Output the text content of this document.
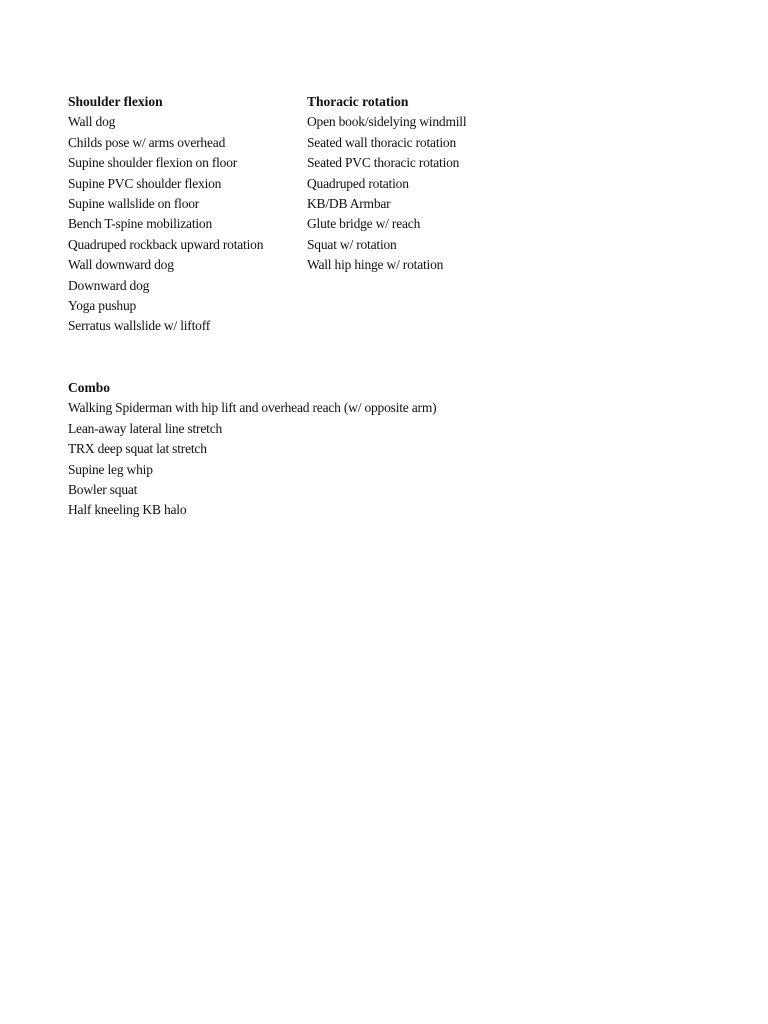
Shoulder flexion
Wall dog
Childs pose w/ arms overhead
Supine shoulder flexion on floor
Supine PVC shoulder flexion
Supine wallslide on floor
Bench T-spine mobilization
Quadruped rockback upward rotation
Wall downward dog
Downward dog
Yoga pushup
Serratus wallslide w/ liftoff
Thoracic rotation
Open book/sidelying windmill
Seated wall thoracic rotation
Seated PVC thoracic rotation
Quadruped rotation
KB/DB Armbar
Glute bridge w/ reach
Squat w/ rotation
Wall hip hinge w/ rotation
Combo
Walking Spiderman with hip lift and overhead reach (w/ opposite arm)
Lean-away lateral line stretch
TRX deep squat lat stretch
Supine leg whip
Bowler squat
Half kneeling KB halo
